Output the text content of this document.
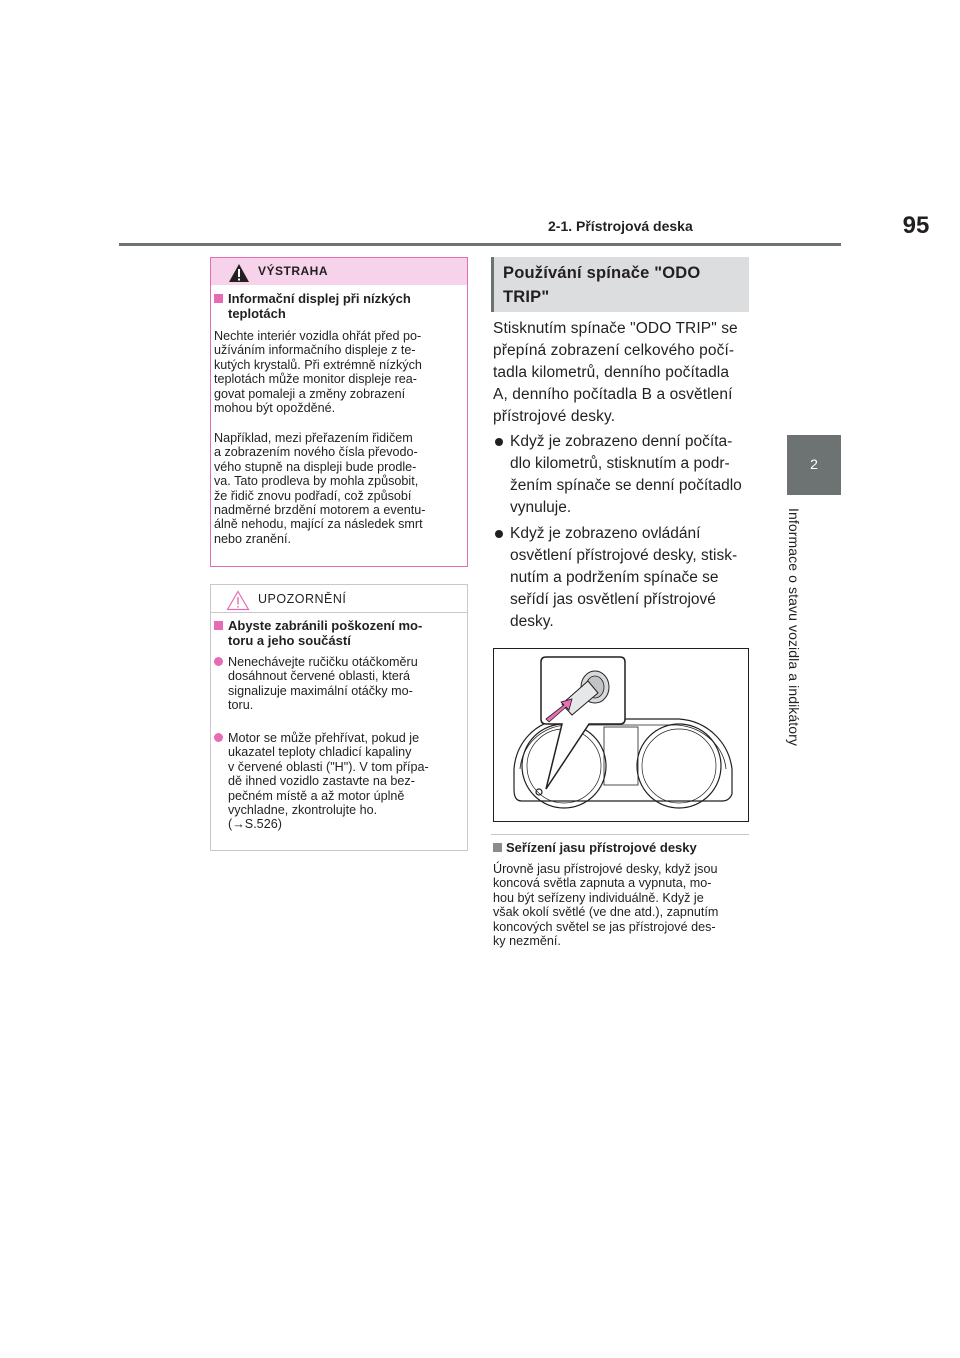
2-1. Přístrojová deska	95
2
Informace o stavu vozidla a indikátory
VÝSTRAHA
Informační displej při nízkých
teplotách
Nechte interiér vozidla ohřát před po-
užíváním informačního displeje z te-
kutých krystalů. Při extrémně nízkých
teplotách může monitor displeje rea-
govat pomaleji a změny zobrazení
mohou být opožděné.
Například, mezi přeřazením řidičem
a zobrazením nového čísla převodo-
vého stupně na displeji bude prodle-
va. Tato prodleva by mohla způsobit,
že řidič znovu podřadí, což způsobí
nadměrné brzdění motorem a eventu-
álně nehodu, mající za následek smrt
nebo zranění.
UPOZORNĚNÍ
Abyste zabránili poškození mo-
toru a jeho součástí
Nenechávejte ručičku otáčkoměru
dosáhnout červené oblasti, která
signalizuje maximální otáčky mo-
toru.
Motor se může přehřívat, pokud je
ukazatel teploty chladicí kapaliny
v červené oblasti ("H"). V tom přípa-
dě ihned vozidlo zastavte na bez-
pečném místě a až motor úplně
vychladne, zkontrolujte ho.
(→S.526)
Používání spínače "ODO
TRIP"
Stisknutím spínače "ODO TRIP" se
přepíná zobrazení celkového počí-
tadla kilometrů, denního počítadla
A, denního počítadla B a osvětlení
přístrojové desky.
Když je zobrazeno denní počíta-
dlo kilometrů, stisknutím a podr-
žením spínače se denní počítadlo
vynuluje.
Když je zobrazeno ovládání
osvětlení přístrojové desky, stisk-
nutím a podržením spínače se
seřídí jas osvětlení přístrojové
desky.
Seřízení jasu přístrojové desky
Úrovně jasu přístrojové desky, když jsou
koncová světla zapnuta a vypnuta, mo-
hou být seřízeny individuálně. Když je
však okolí světlé (ve dne atd.), zapnutím
koncových světel se jas přístrojové des-
ky nezmění.
